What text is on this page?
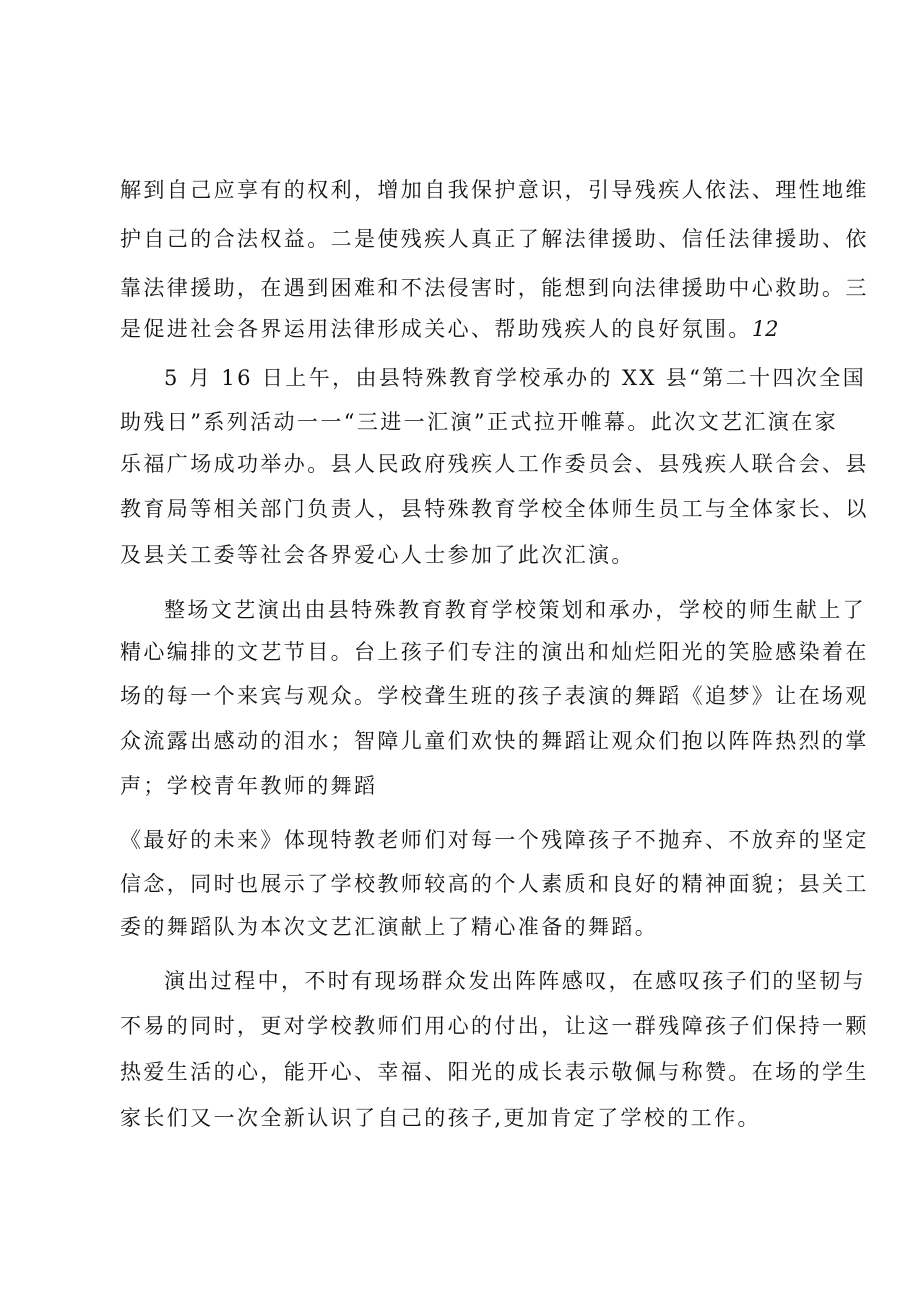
解到自己应享有的权利，增加自我保护意识，引导残疾人依法、理性地维
护自己的合法权益。二是使残疾人真正了解法律援助、信任法律援助、依
靠法律援助，在遇到困难和不法侵害时，能想到向法律援助中心救助。三
是促进社会各界运用法律形成关心、帮助残疾人的良好氛围。12
5 月 16 日上午，由县特殊教育学校承办的 XX 县“第二十四次全国
助残日”系列活动一一“三进一汇演”正式拉开帷幕。此次文艺汇演在家
乐福广场成功举办。县人民政府残疾人工作委员会、县残疾人联合会、县
教育局等相关部门负责人，县特殊教育学校全体师生员工与全体家长、以
及县关工委等社会各界爱心人士参加了此次汇演。
整场文艺演出由县特殊教育教育学校策划和承办，学校的师生献上了
精心编排的文艺节目。台上孩子们专注的演出和灿烂阳光的笑脸感染着在
场的每一个来宾与观众。学校聋生班的孩子表演的舞蹈《追梦》让在场观
众流露出感动的泪水；智障儿童们欢快的舞蹈让观众们抱以阵阵热烈的掌
声；学校青年教师的舞蹈
《最好的未来》体现特教老师们对每一个残障孩子不抛弃、不放弃的坚定
信念，同时也展示了学校教师较高的个人素质和良好的精神面貌；县关工
委的舞蹈队为本次文艺汇演献上了精心准备的舞蹈。
演出过程中，不时有现场群众发出阵阵感叹，在感叹孩子们的坚韧与
不易的同时，更对学校教师们用心的付出，让这一群残障孩子们保持一颗
热爱生活的心，能开心、幸福、阳光的成长表示敬佩与称赞。在场的学生
家长们又一次全新认识了自己的孩子,更加肯定了学校的工作。
